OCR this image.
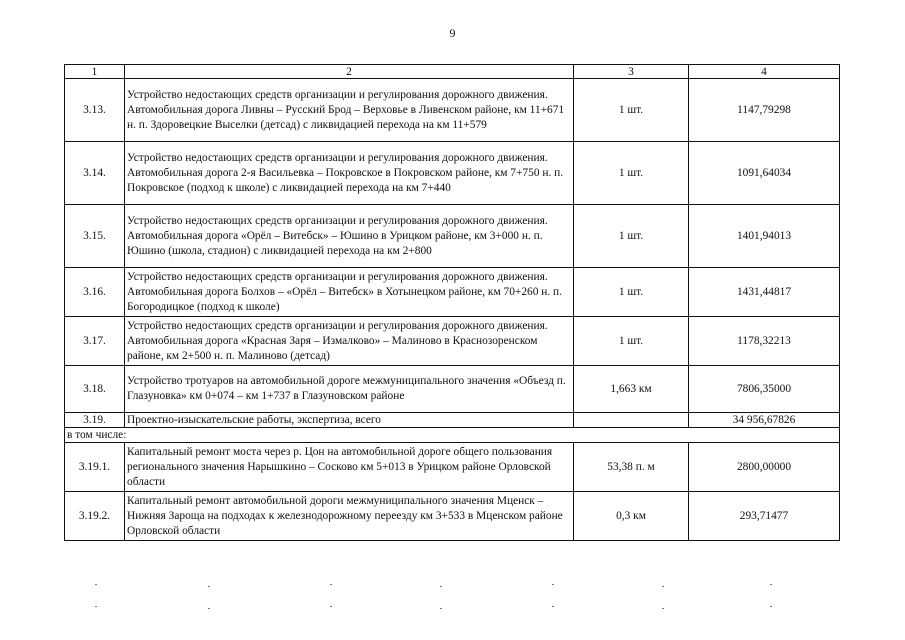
9
1	2	3	4
3.13.	Устройство недостающих средств организации и регулирования дорожного движения. Автомобильная дорога Ливны – Русский Брод – Верховье в Ливенском районе, км 11+671 н. п. Здоровецкие Выселки (детсад) с ликвидацией перехода на км 11+579	1 шт.	1147,79298
3.14.	Устройство недостающих средств организации и регулирования дорожного движения. Автомобильная дорога 2-я Васильевка – Покровское в Покровском районе, км 7+750 н. п. Покровское (подход к школе) с ликвидацией перехода на км 7+440	1 шт.	1091,64034
3.15.	Устройство недостающих средств организации и регулирования дорожного движения. Автомобильная дорога «Орёл – Витебск» – Юшино в Урицком районе, км 3+000 н. п. Юшино (школа, стадион) с ликвидацией перехода на км 2+800	1 шт.	1401,94013
3.16.	Устройство недостающих средств организации и регулирования дорожного движения. Автомобильная дорога Болхов – «Орёл – Витебск» в Хотынецком районе, км 70+260 н. п. Богородицкое (подход к школе)	1 шт.	1431,44817
3.17.	Устройство недостающих средств организации и регулирования дорожного движения. Автомобильная дорога «Красная Заря – Измалково» – Малиново в Краснозоренском районе, км 2+500 н. п. Малиново (детсад)	1 шт.	1178,32213
3.18.	Устройство тротуаров на автомобильной дороге межмуниципального значения «Объезд п. Глазуновка» км 0+074 – км 1+737 в Глазуновском районе	1,663 км	7806,35000
3.19.	Проектно-изыскательские работы, экспертиза, всего		34 956,67826
в том числе:			
3.19.1.	Капитальный ремонт моста через р. Цон на автомобильной дороге общего пользования регионального значения Нарышкино – Сосково км 5+013 в Урицком районе Орловской области	53,38 п. м	2800,00000
3.19.2.	Капитальный ремонт автомобильной дороги межмуниципального значения Мценск – Нижняя Зароща на подходах к железнодорожному переезду км 3+533 в Мценском районе Орловской области	0,3 км	293,71477
